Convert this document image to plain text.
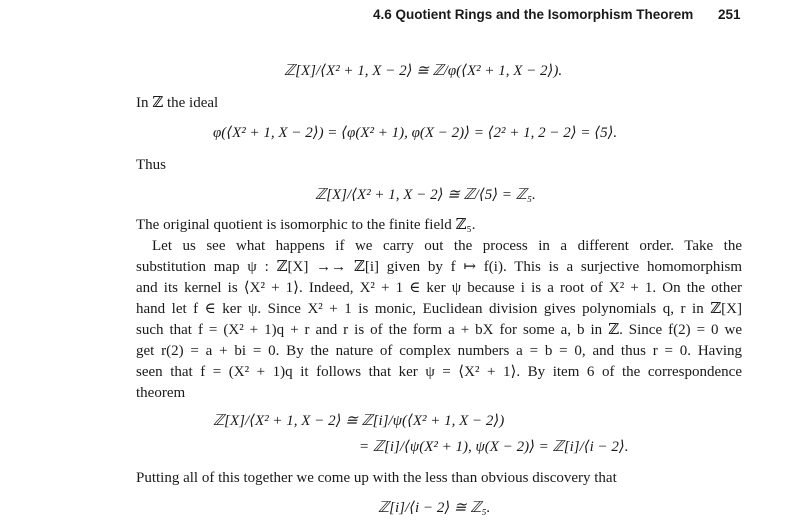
4.6 Quotient Rings and the Isomorphism Theorem 251
ℤ[X]/⟨X² + 1, X − 2⟩ ≅ ℤ/φ(⟨X² + 1, X − 2⟩).
In ℤ the ideal
φ(⟨X² + 1, X − 2⟩) = ⟨φ(X² + 1), φ(X − 2)⟩ = ⟨2² + 1, 2 − 2⟩ = ⟨5⟩.
Thus
ℤ[X]/⟨X² + 1, X − 2⟩ ≅ ℤ/⟨5⟩ = ℤ₅.
The original quotient is isomorphic to the finite field ℤ₅.
Let us see what happens if we carry out the process in a different order. Take the
substitution map ψ : ℤ[X] →→ ℤ[i] given by f ↦ f(i). This is a surjective homomorphism
and its kernel is ⟨X² + 1⟩. Indeed, X² + 1 ∈ ker ψ because i is a root of X² + 1. On the other
hand let f ∈ ker ψ. Since X² + 1 is monic, Euclidean division gives polynomials q, r in ℤ[X]
such that f = (X² + 1)q + r and r is of the form a + bX for some a, b in ℤ. Since f(2) = 0 we
get r(2) = a + bi = 0. By the nature of complex numbers a = b = 0, and thus r = 0. Having
seen that f = (X² + 1)q it follows that ker ψ = ⟨X² + 1⟩. By item 6 of the correspondence
theorem
ℤ[X]/⟨X² + 1, X − 2⟩ ≅ ℤ[i]/ψ(⟨X² + 1, X − 2⟩)
= ℤ[i]/⟨ψ(X² + 1), ψ(X − 2)⟩ = ℤ[i]/⟨i − 2⟩.
Putting all of this together we come up with the less than obvious discovery that
ℤ[i]/⟨i − 2⟩ ≅ ℤ₅.
